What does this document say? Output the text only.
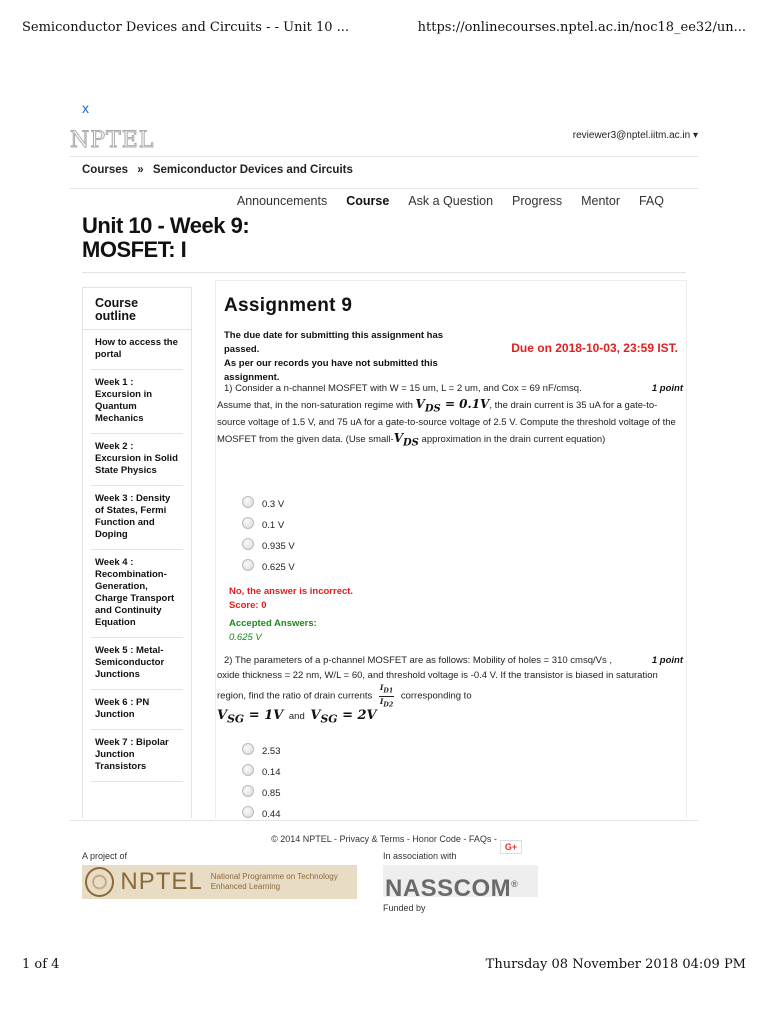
Semiconductor Devices and Circuits - - Unit 10 ...	https://onlinecourses.nptel.ac.in/noc18_ee32/un...
x
NPTEL	reviewer3@nptel.iitm.ac.in ▾
Courses » Semiconductor Devices and Circuits
Announcements Course Ask a Question Progress Mentor FAQ
Unit 10 - Week 9: MOSFET: I
Course outline
How to access the portal
Week 1 : Excursion in Quantum Mechanics
Week 2 : Excursion in Solid State Physics
Week 3 : Density of States, Fermi Function and Doping
Week 4 : Recombination-Generation, Charge Transport and Continuity Equation
Week 5 : Metal-Semiconductor Junctions
Week 6 : PN Junction
Week 7 : Bipolar Junction Transistors
Assignment 9
The due date for submitting this assignment has passed.
As per our records you have not submitted this assignment.
Due on 2018-10-03, 23:59 IST.
1 point
1) Consider a n-channel MOSFET with W = 15 um, L = 2 um, and Cox = 69 nF/cmsq.
Assume that, in the non-saturation regime with $V_{DS} = 0.1V$, the drain current is 35 uA for a gate-to-source voltage of 1.5 V, and 75 uA for a gate-to-source voltage of 2.5 V. Compute the threshold voltage of the MOSFET from the given data. (Use small-$V_{DS}$ approximation in the drain current equation)
0.3 V
0.1 V
0.935 V
0.625 V
No, the answer is incorrect.
Score: 0
Accepted Answers:
0.625 V
1 point
2) The parameters of a p-channel MOSFET are as follows: Mobility of holes = 310 cmsq/Vs ,
oxide thickness = 22 nm, W/L = 60, and threshold voltage is -0.4 V. If the transistor is biased in saturation region, find the ratio of drain currents $\frac{I_{D1}}{I_{D2}}$ corresponding to
$V_{SG} = 1V$ and $V_{SG} = 2V$
2.53
0.14
0.85
0.44
© 2014 NPTEL - Privacy & Terms - Honor Code - FAQs -
G+
A project of
NPTEL National Programme on Technology Enhanced Learning
In association with
NASSCOM®
Funded by
1 of 4	Thursday 08 November 2018 04:09 PM
